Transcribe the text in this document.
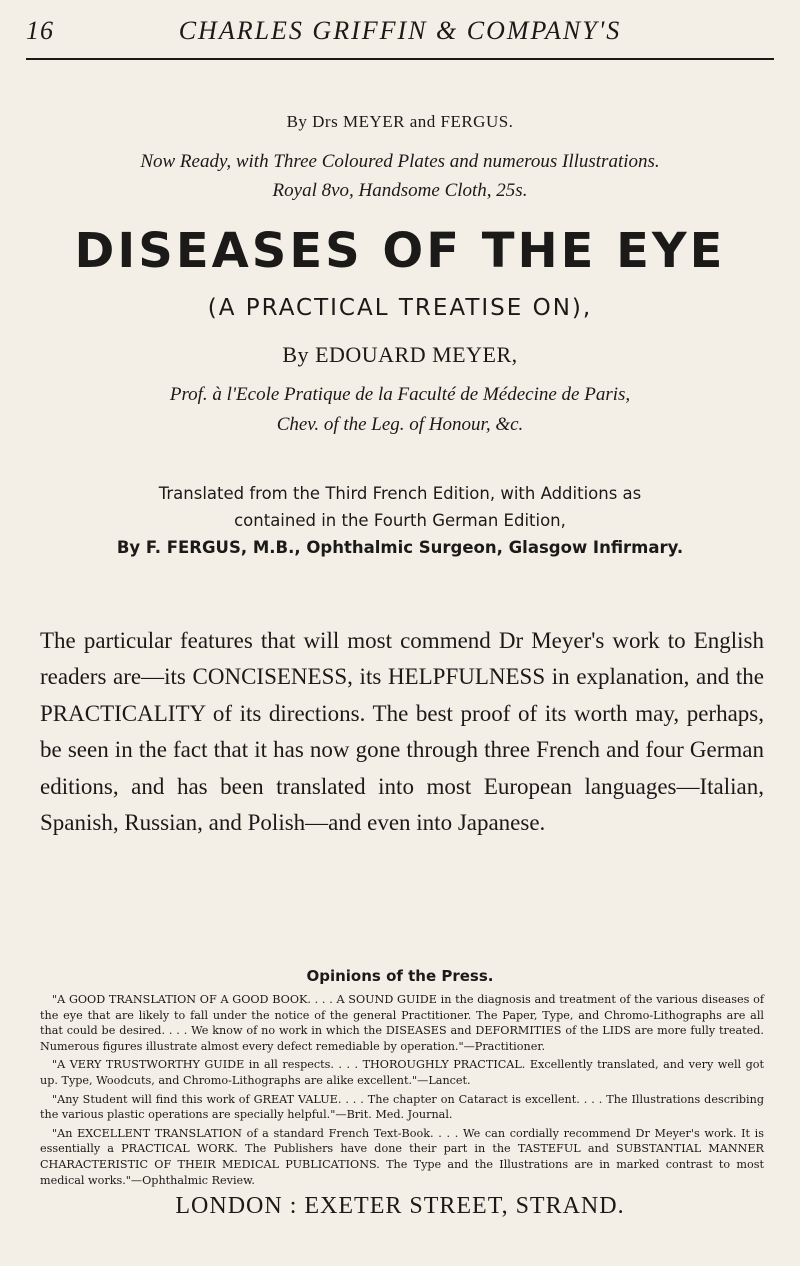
16	CHARLES GRIFFIN & COMPANY'S
By Drs MEYER and FERGUS.
Now Ready, with Three Coloured Plates and numerous Illustrations.
Royal 8vo, Handsome Cloth, 25s.
DISEASES OF THE EYE
(A PRACTICAL TREATISE ON),
By EDOUARD MEYER,
Prof. à l'Ecole Pratique de la Faculté de Médecine de Paris,
Chev. of the Leg. of Honour, &c.
Translated from the Third French Edition, with Additions as
contained in the Fourth German Edition,
By F. FERGUS, M.B., Ophthalmic Surgeon, Glasgow Infirmary.

The particular features that will most commend Dr Meyer's work to English readers are—its CONCISENESS, its HELPFULNESS in explanation, and the PRACTICALITY of its directions. The best proof of its worth may, perhaps, be seen in the fact that it has now gone through three French and four German editions, and has been translated into most European languages—Italian, Spanish, Russian, and Polish—and even into Japanese.

Opinions of the Press.

"A GOOD TRANSLATION OF A GOOD BOOK. . . . A SOUND GUIDE in the diagnosis and treatment of the various diseases of the eye that are likely to fall under the notice of the general Practitioner. The Paper, Type, and Chromo-Lithographs are all that could be desired. . . . We know of no work in which the DISEASES and DEFORMITIES of the LIDS are more fully treated. Numerous figures illustrate almost every defect remediable by operation."—Practitioner.

"A VERY TRUSTWORTHY GUIDE in all respects. . . . THOROUGHLY PRACTICAL. Excellently translated, and very well got up. Type, Woodcuts, and Chromo-Lithographs are alike excellent."—Lancet.

"Any Student will find this work of GREAT VALUE. . . . The chapter on Cataract is excellent. . . . The Illustrations describing the various plastic operations are specially helpful."—Brit. Med. Journal.

"An EXCELLENT TRANSLATION of a standard French Text-Book. . . . We can cordially recommend Dr Meyer's work. It is essentially a PRACTICAL WORK. The Publishers have done their part in the TASTEFUL and SUBSTANTIAL MANNER CHARACTERISTIC OF THEIR MEDICAL PUBLICATIONS. The Type and the Illustrations are in marked contrast to most medical works."—Ophthalmic Review.

LONDON : EXETER STREET, STRAND.
